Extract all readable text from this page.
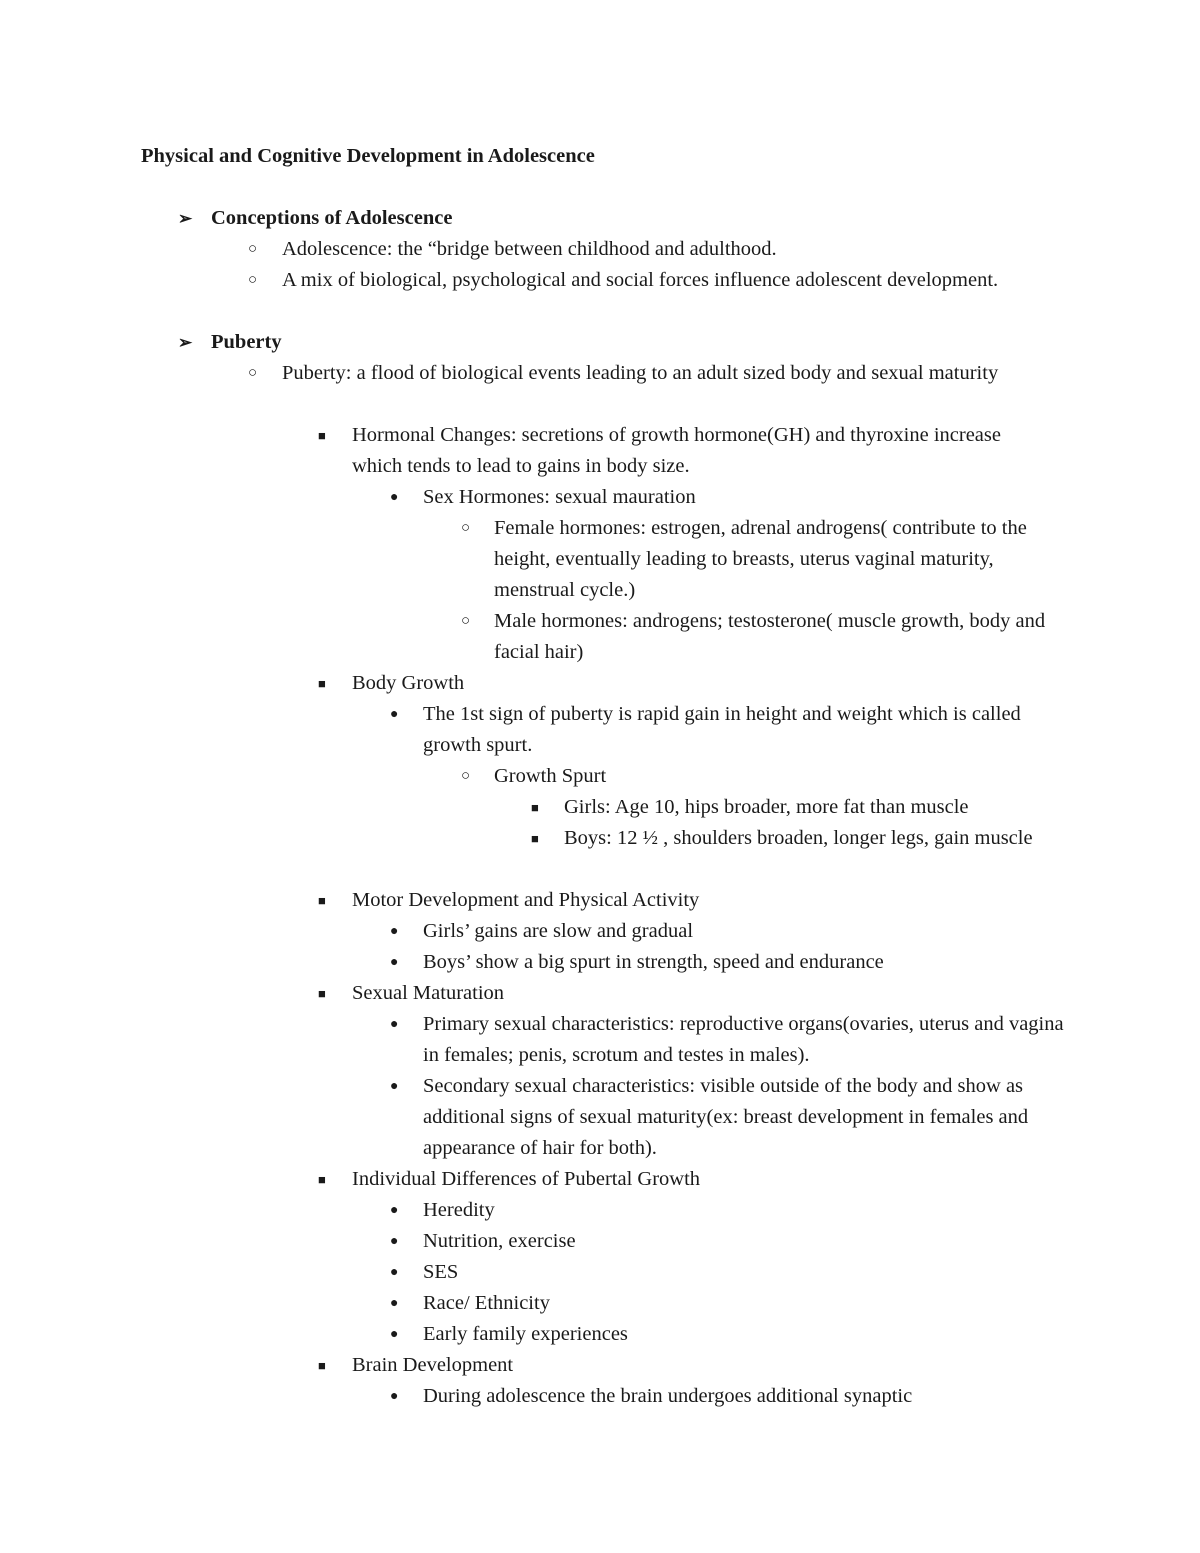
Physical and Cognitive Development in Adolescence
➢ Conceptions of Adolescence
○ Adolescence: the “bridge between childhood and adulthood.
○ A mix of biological, psychological and social forces influence adolescent development.
➢ Puberty
○ Puberty: a flood of biological events leading to an adult sized body and sexual maturity
■ Hormonal Changes: secretions of growth hormone(GH) and thyroxine increase which tends to lead to gains in body size.
● Sex Hormones: sexual mauration
○ Female hormones: estrogen, adrenal androgens( contribute to the height, eventually leading to breasts, uterus vaginal maturity, menstrual cycle.)
○ Male hormones: androgens; testosterone( muscle growth, body and facial hair)
■ Body Growth
● The 1st sign of puberty is rapid gain in height and weight which is called growth spurt.
○ Growth Spurt
■ Girls: Age 10, hips broader, more fat than muscle
■ Boys: 12 ½ , shoulders broaden, longer legs, gain muscle
■ Motor Development and Physical Activity
● Girls’ gains are slow and gradual
● Boys’ show a big spurt in strength, speed and endurance
■ Sexual Maturation
● Primary sexual characteristics: reproductive organs(ovaries, uterus and vagina in females; penis, scrotum and testes in males).
● Secondary sexual characteristics: visible outside of the body and show as additional signs of sexual maturity(ex: breast development in females and appearance of hair for both).
■ Individual Differences of Pubertal Growth
● Heredity
● Nutrition, exercise
● SES
● Race/ Ethnicity
● Early family experiences
■ Brain Development
● During adolescence the brain undergoes additional synaptic
